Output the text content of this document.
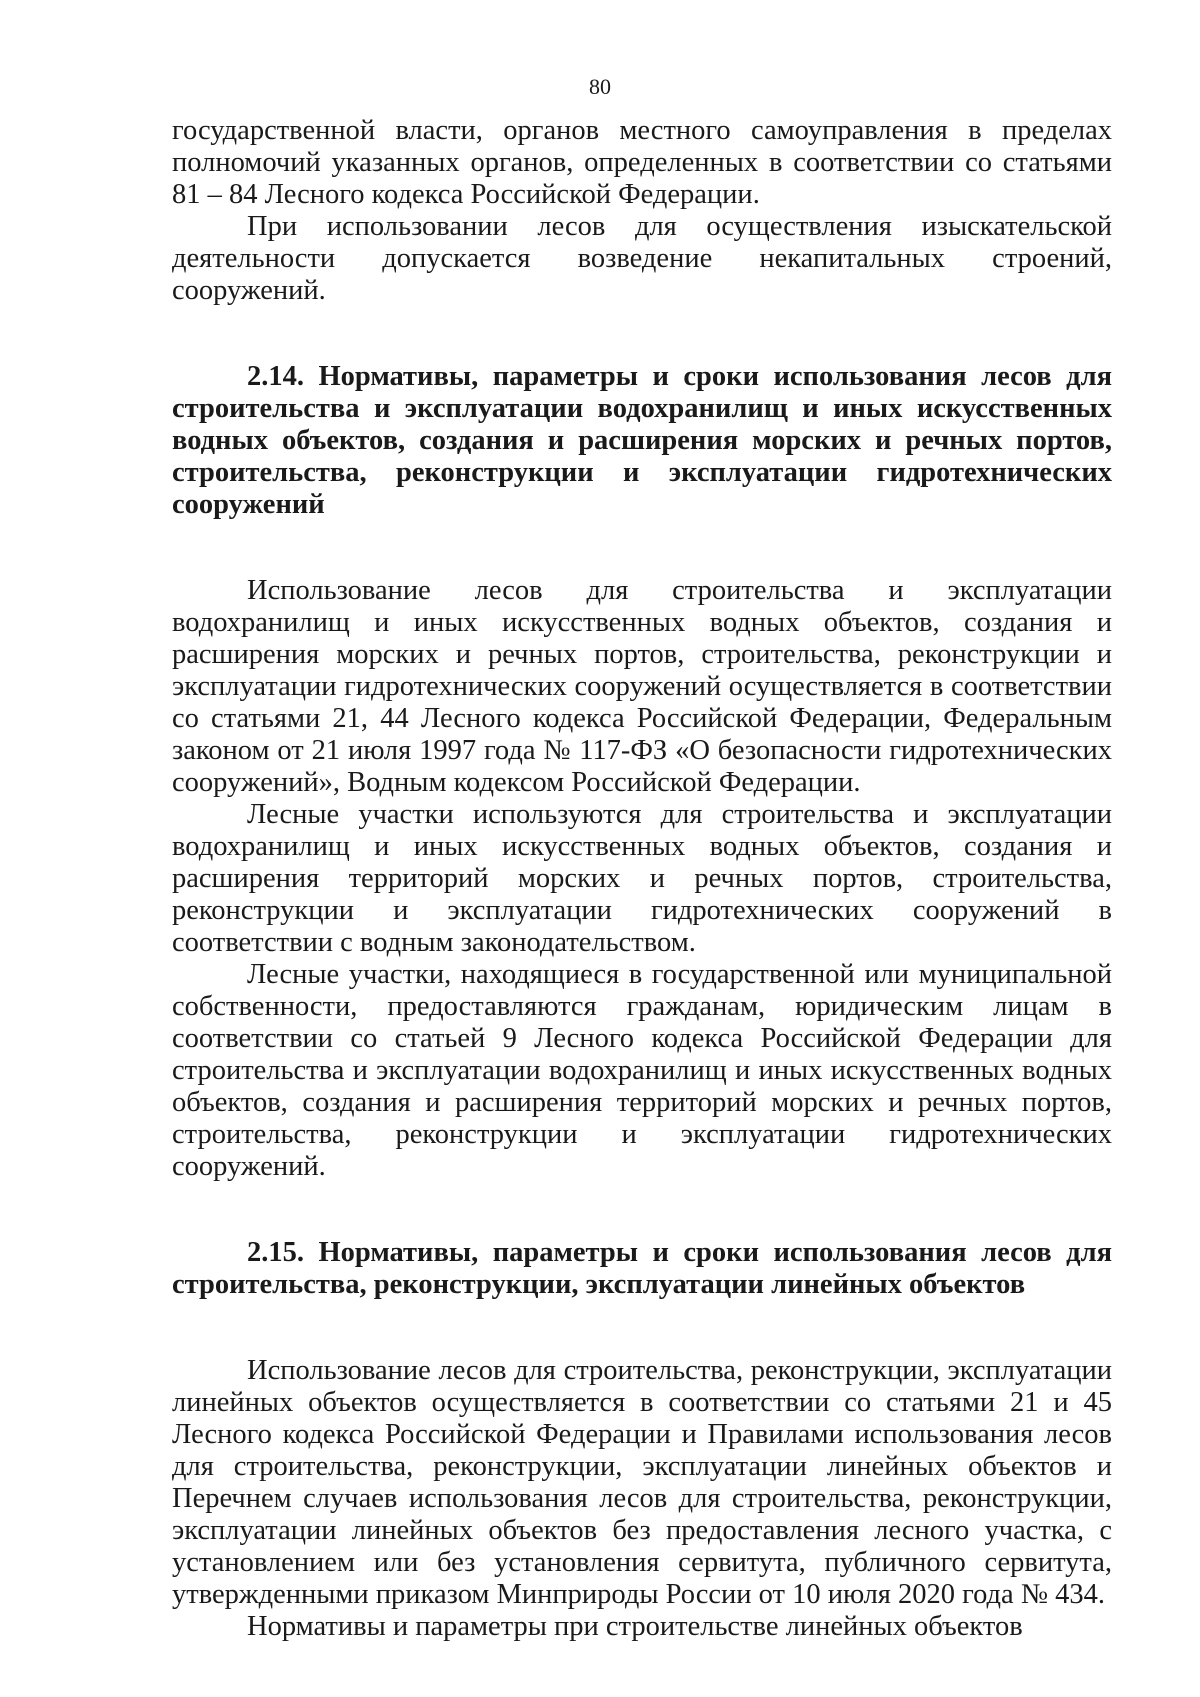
80

государственной власти, органов местного самоуправления в пределах полномочий указанных органов, определенных в соответствии со статьями 81 – 84 Лесного кодекса Российской Федерации.

При использовании лесов для осуществления изыскательской деятельности допускается возведение некапитальных строений, сооружений.

2.14. Нормативы, параметры и сроки использования лесов для строительства и эксплуатации водохранилищ и иных искусственных водных объектов, создания и расширения морских и речных портов, строительства, реконструкции и эксплуатации гидротехнических сооружений

Использование лесов для строительства и эксплуатации водохранилищ и иных искусственных водных объектов, создания и расширения морских и речных портов, строительства, реконструкции и эксплуатации гидротехнических сооружений осуществляется в соответствии со статьями 21, 44 Лесного кодекса Российской Федерации, Федеральным законом от 21 июля 1997 года № 117-ФЗ «О безопасности гидротехнических сооружений», Водным кодексом Российской Федерации.

Лесные участки используются для строительства и эксплуатации водохранилищ и иных искусственных водных объектов, создания и расширения территорий морских и речных портов, строительства, реконструкции и эксплуатации гидротехнических сооружений в соответствии с водным законодательством.

Лесные участки, находящиеся в государственной или муниципальной собственности, предоставляются гражданам, юридическим лицам в соответствии со статьей 9 Лесного кодекса Российской Федерации для строительства и эксплуатации водохранилищ и иных искусственных водных объектов, создания и расширения территорий морских и речных портов, строительства, реконструкции и эксплуатации гидротехнических сооружений.

2.15. Нормативы, параметры и сроки использования лесов для строительства, реконструкции, эксплуатации линейных объектов

Использование лесов для строительства, реконструкции, эксплуатации линейных объектов осуществляется в соответствии со статьями 21 и 45 Лесного кодекса Российской Федерации и Правилами использования лесов для строительства, реконструкции, эксплуатации линейных объектов и Перечнем случаев использования лесов для строительства, реконструкции, эксплуатации линейных объектов без предоставления лесного участка, с установлением или без установления сервитута, публичного сервитута, утвержденными приказом Минприроды России от 10 июля 2020 года № 434.

Нормативы и параметры при строительстве линейных объектов
